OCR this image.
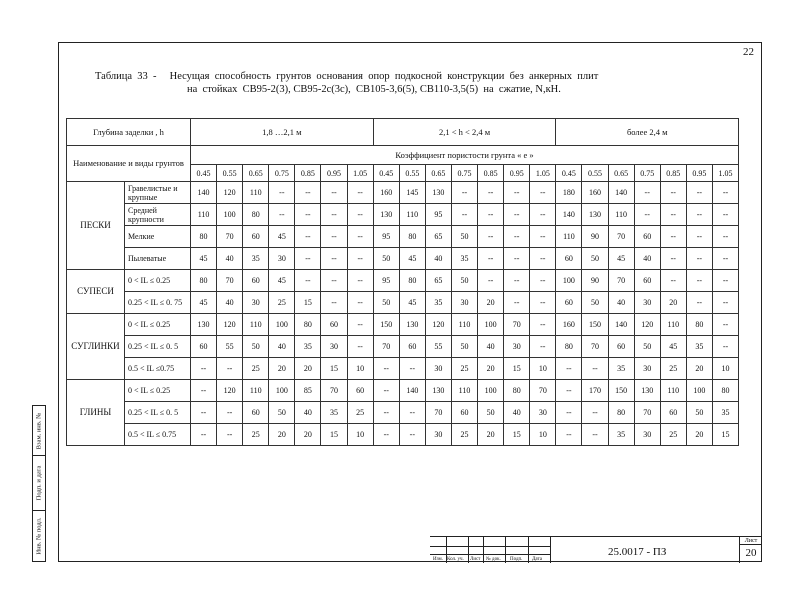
22
Таблица  33  -     Несущая  способность  грунтов  основания  опор  подкосной  конструкции  без  анкерных  плит
на  стойках  СВ95-2(3), СВ95-2с(3с),  СВ105-3,6(5), СВ110-3,5(5)  на  сжатие, N,кН.
Глубина заделки , h		1,8 …2,1 м							2,1 < h < 2,4 м							более 2,4 м						
Наименование и виды грунтов		Коэффициент пористости грунта « е »																				
		0.45	0.55	0.65	0.75	0.85	0.95	1.05	0.45	0.55	0.65	0.75	0.85	0.95	1.05	0.45	0.55	0.65	0.75	0.85	0.95	1.05
ПЕСКИ	Гравелистые и крупные	140	120	110	--	--	--	--	160	145	130	--	--	--	--	180	160	140	--	--	--	--
	Средней крупности	110	100	80	--	--	--	--	130	110	95	--	--	--	--	140	130	110	--	--	--	--
	Мелкие	80	70	60	45	--	--	--	95	80	65	50	--	--	--	110	90	70	60	--	--	--
	Пылеватые	45	40	35	30	--	--	--	50	45	40	35	--	--	--	60	50	45	40	--	--	--
СУПЕСИ	0 < IL ≤ 0.25	80	70	60	45	--	--	--	95	80	65	50	--	--	--	100	90	70	60	--	--	--
	0.25 < IL ≤ 0. 75	45	40	30	25	15	--	--	50	45	35	30	20	--	--	60	50	40	30	20	--	--
СУГЛИНКИ	0 < IL ≤ 0.25	130	120	110	100	80	60	--	150	130	120	110	100	70	--	160	150	140	120	110	80	--
	0.25 < IL ≤ 0. 5	60	55	50	40	35	30	--	70	60	55	50	40	30	--	80	70	60	50	45	35	--
	0.5 < IL ≤0.75	--	--	25	20	20	15	10	--	--	30	25	20	15	10	--	--	35	30	25	20	10
ГЛИНЫ	0 < IL ≤ 0.25	--	120	110	100	85	70	60	--	140	130	110	100	80	70	--	170	150	130	110	100	80
	0.25 < IL ≤ 0. 5	--	--	60	50	40	35	25	--	--	70	60	50	40	30	--	--	80	70	60	50	35
	0.5 < IL ≤ 0.75	--	--	25	20	20	15	10	--	--	30	25	20	15	10	--	--	35	30	25	20	15
Взам. инв. №
Подп. и дата
Инв. № подл.
Изм. Кол. уч. Лист № док. Подп. Дата
25.0017 - ПЗ
Лист
20
